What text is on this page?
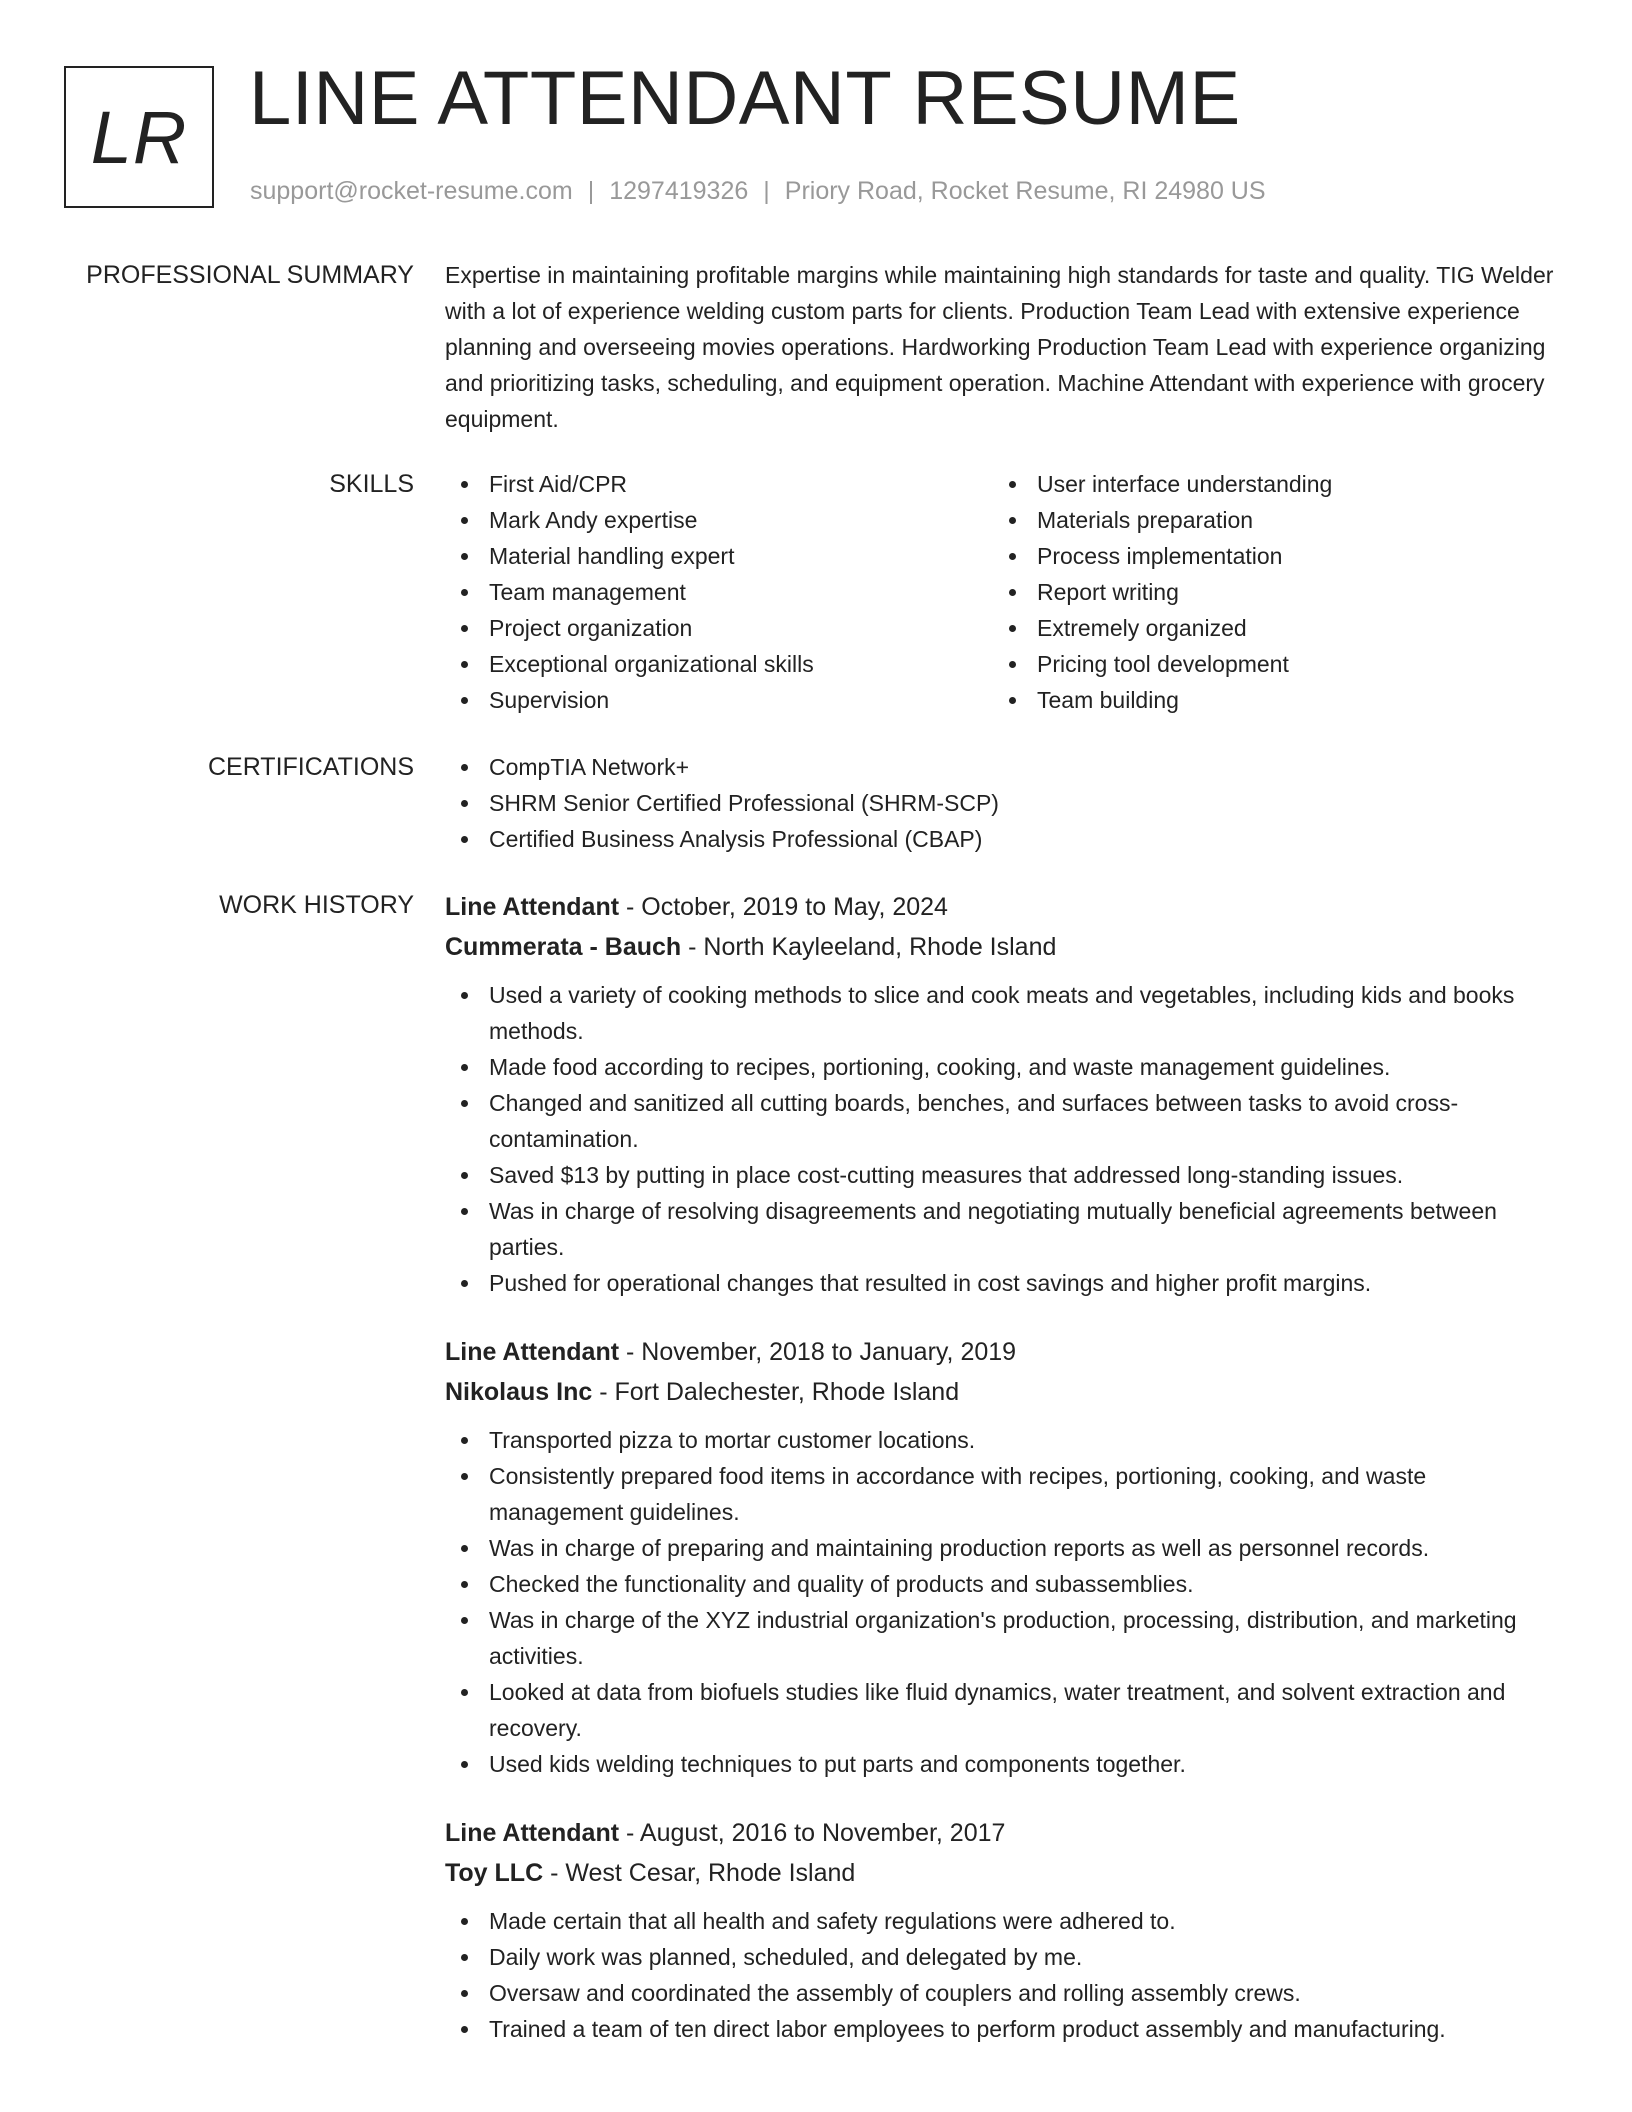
LR LINE ATTENDANT RESUME
support@rocket-resume.com | 1297419326 | Priory Road, Rocket Resume, RI 24980 US
PROFESSIONAL SUMMARY Expertise in maintaining profitable margins while maintaining high standards for taste and quality. TIG Welder with a lot of experience welding custom parts for clients. Production Team Lead with extensive experience planning and overseeing movies operations. Hardworking Production Team Lead with experience organizing and prioritizing tasks, scheduling, and equipment operation. Machine Attendant with experience with grocery equipment.

SKILLS	First Aid/CPR
Mark Andy expertise
Material handling expert
Team management
Project organization
Exceptional organizational skills
Supervision
User interface understanding
Materials preparation
Process implementation
Report writing
Extremely organized
Pricing tool development
Team building
CERTIFICATIONS	CompTIA Network+
SHRM Senior Certified Professional (SHRM-SCP)
Certified Business Analysis Professional (CBAP)
WORK HISTORY Line Attendant - October, 2019 to May, 2024
Cummerata - Bauch - North Kayleeland, Rhode Island
Used a variety of cooking methods to slice and cook meats and vegetables, including kids and books methods.
Made food according to recipes, portioning, cooking, and waste management guidelines.
Changed and sanitized all cutting boards, benches, and surfaces between tasks to avoid cross-contamination.
Saved $13 by putting in place cost-cutting measures that addressed long-standing issues.
Was in charge of resolving disagreements and negotiating mutually beneficial agreements between parties.
Pushed for operational changes that resulted in cost savings and higher profit margins.
Line Attendant - November, 2018 to January, 2019
Nikolaus Inc - Fort Dalechester, Rhode Island
Transported pizza to mortar customer locations.
Consistently prepared food items in accordance with recipes, portioning, cooking, and waste management guidelines.
Was in charge of preparing and maintaining production reports as well as personnel records.
Checked the functionality and quality of products and subassemblies.
Was in charge of the XYZ industrial organization's production, processing, distribution, and marketing activities.
Looked at data from biofuels studies like fluid dynamics, water treatment, and solvent extraction and recovery.
Used kids welding techniques to put parts and components together.
Line Attendant - August, 2016 to November, 2017
Toy LLC - West Cesar, Rhode Island
Made certain that all health and safety regulations were adhered to.
Daily work was planned, scheduled, and delegated by me.
Oversaw and coordinated the assembly of couplers and rolling assembly crews.
Trained a team of ten direct labor employees to perform product assembly and manufacturing.
